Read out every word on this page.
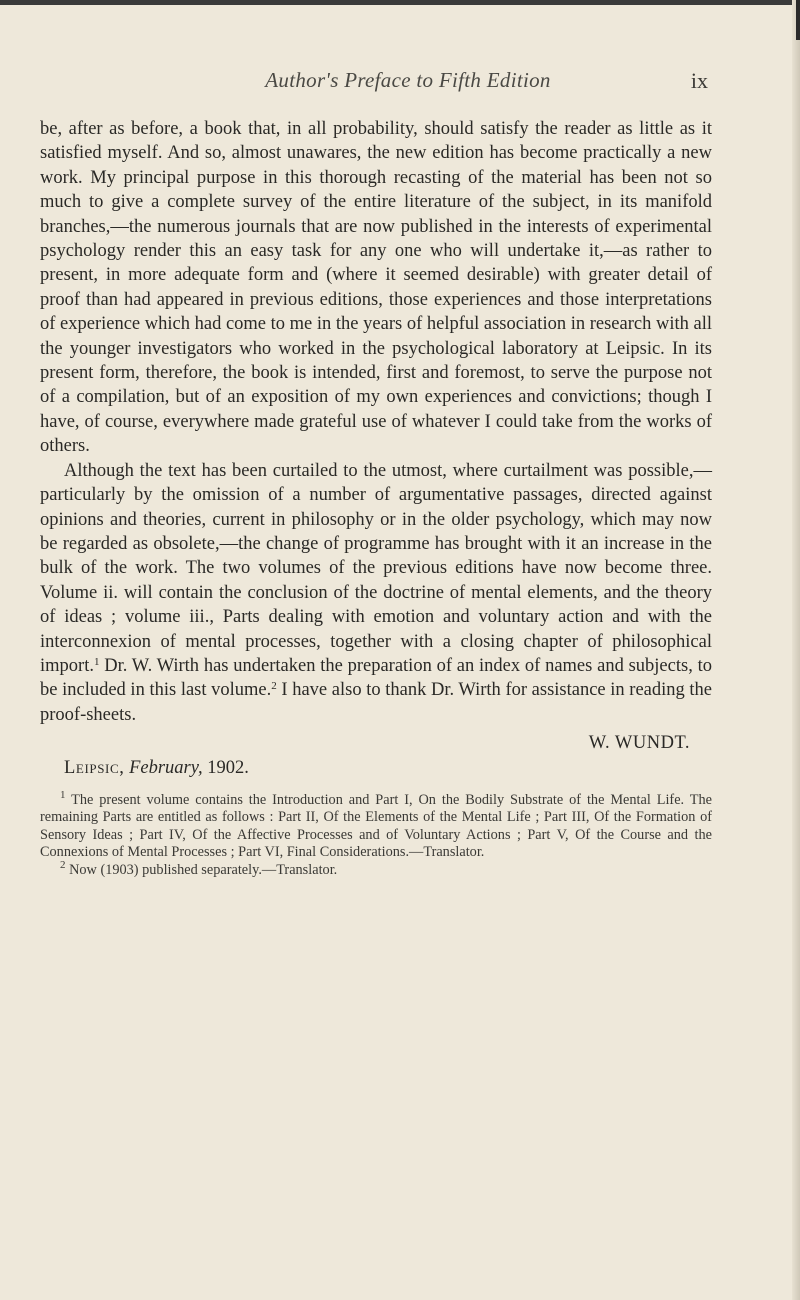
Author's Preface to Fifth Edition	ix

be, after as before, a book that, in all probability, should satisfy the reader as little as it satisfied myself. And so, almost unawares, the new edition has become practically a new work. My principal purpose in this thorough recasting of the material has been not so much to give a complete survey of the entire literature of the subject, in its manifold branches,—the numerous journals that are now published in the interests of experimental psychology render this an easy task for any one who will undertake it,—as rather to present, in more adequate form and (where it seemed desirable) with greater detail of proof than had appeared in previous editions, those experiences and those interpretations of experience which had come to me in the years of helpful association in research with all the younger investigators who worked in the psychological laboratory at Leipsic. In its present form, therefore, the book is intended, first and foremost, to serve the purpose not of a compilation, but of an exposition of my own experiences and convictions; though I have, of course, everywhere made grateful use of whatever I could take from the works of others.

Although the text has been curtailed to the utmost, where curtailment was possible,—particularly by the omission of a number of argumentative passages, directed against opinions and theories, current in philosophy or in the older psychology, which may now be regarded as obsolete,—the change of programme has brought with it an increase in the bulk of the work. The two volumes of the previous editions have now become three. Volume ii. will contain the conclusion of the doctrine of mental elements, and the theory of ideas ; volume iii., Parts dealing with emotion and voluntary action and with the interconnexion of mental processes, together with a closing chapter of philosophical import.$^1$ Dr. W. Wirth has undertaken the preparation of an index of names and subjects, to be included in this last volume.$^2$ I have also to thank Dr. Wirth for assistance in reading the proof-sheets.

W. WUNDT.
Leipsic, February, 1902.

$^1$ The present volume contains the Introduction and Part I, On the Bodily Substrate of the Mental Life. The remaining Parts are entitled as follows : Part II, Of the Elements of the Mental Life ; Part III, Of the Formation of Sensory Ideas ; Part IV, Of the Affective Processes and of Voluntary Actions ; Part V, Of the Course and the Connexions of Mental Processes ; Part VI, Final Considerations.—Translator.

$^2$ Now (1903) published separately.—Translator.
